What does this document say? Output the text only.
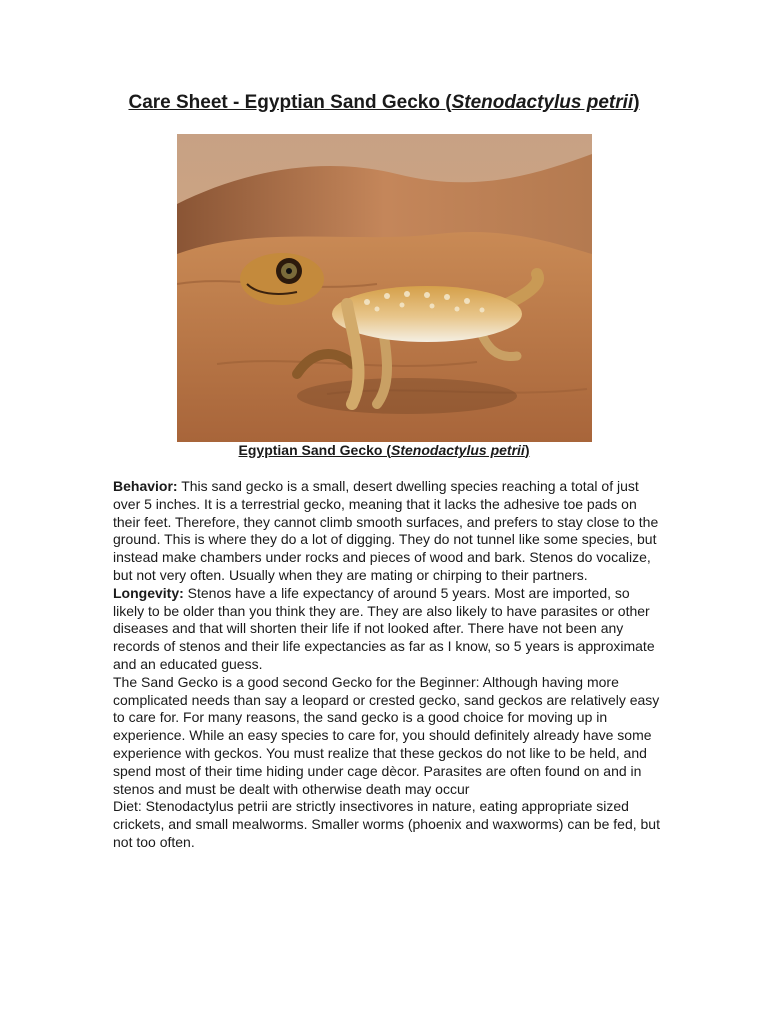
Care Sheet - Egyptian Sand Gecko (Stenodactylus petrii)
Egyptian Sand Gecko (Stenodactylus petrii)

Behavior: This sand gecko is a small, desert dwelling species reaching a total of just over 5 inches. It is a terrestrial gecko, meaning that it lacks the adhesive toe pads on their feet. Therefore, they cannot climb smooth surfaces, and prefers to stay close to the ground. This is where they do a lot of digging. They do not tunnel like some species, but instead make chambers under rocks and pieces of wood and bark. Stenos do vocalize, but not very often. Usually when they are mating or chirping to their partners.

Longevity: Stenos have a life expectancy of around 5 years. Most are imported, so likely to be older than you think they are. They are also likely to have parasites or other diseases and that will shorten their life if not looked after. There have not been any records of stenos and their life expectancies as far as I know, so 5 years is approximate and an educated guess.

The Sand Gecko is a good second Gecko for the Beginner: Although having more complicated needs than say a leopard or crested gecko, sand geckos are relatively easy to care for. For many reasons, the sand gecko is a good choice for moving up in experience. While an easy species to care for, you should definitely already have some experience with geckos. You must realize that these geckos do not like to be held, and spend most of their time hiding under cage dècor. Parasites are often found on and in stenos and must be dealt with otherwise death may occur

Diet: Stenodactylus petrii are strictly insectivores in nature, eating appropriate sized crickets, and small mealworms. Smaller worms (phoenix and waxworms) can be fed, but not too often.
